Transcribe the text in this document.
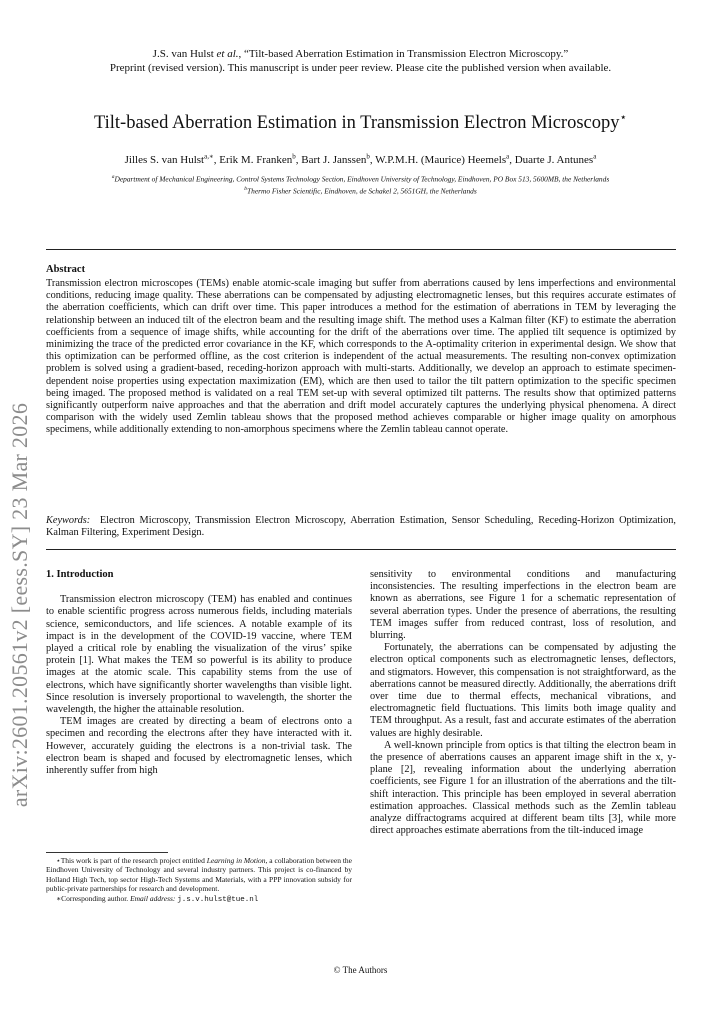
J.S. van Hulst et al., “Tilt-based Aberration Estimation in Transmission Electron Microscopy.”
Preprint (revised version). This manuscript is under peer review. Please cite the published version when available.
Tilt-based Aberration Estimation in Transmission Electron Microscopy⋆
Jilles S. van Hulst$^{a,∗}$, Erik M. Franken$^b$, Bart J. Janssen$^b$, W.P.M.H. (Maurice) Heemels$^a$, Duarte J. Antunes$^a$
$^a$Department of Mechanical Engineering, Control Systems Technology Section, Eindhoven University of Technology, Eindhoven, PO Box 513, 5600MB, the Netherlands
$^b$Thermo Fisher Scientific, Eindhoven, de Schakel 2, 5651GH, the Netherlands
Abstract
Transmission electron microscopes (TEMs) enable atomic-scale imaging but suffer from aberrations caused by lens imperfections and environmental conditions, reducing image quality. These aberrations can be compensated by adjusting electromagnetic lenses, but this requires accurate estimates of the aberration coefficients, which can drift over time. This paper introduces a method for the estimation of aberrations in TEM by leveraging the relationship between an induced tilt of the electron beam and the resulting image shift. The method uses a Kalman filter (KF) to estimate the aberration coefficients from a sequence of image shifts, while accounting for the drift of the aberrations over time. The applied tilt sequence is optimized by minimizing the trace of the predicted error covariance in the KF, which corresponds to the A-optimality criterion in experimental design. We show that this optimization can be performed offline, as the cost criterion is independent of the actual measurements. The resulting non-convex optimization problem is solved using a gradient-based, receding-horizon approach with multi-starts. Additionally, we develop an approach to estimate specimen-dependent noise properties using expectation maximization (EM), which are then used to tailor the tilt pattern optimization to the specific specimen being imaged. The proposed method is validated on a real TEM set-up with several optimized tilt patterns. The results show that optimized patterns significantly outperform naive approaches and that the aberration and drift model accurately captures the underlying physical phenomena. A direct comparison with the widely used Zemlin tableau shows that the proposed method achieves comparable or higher image quality on amorphous specimens, while additionally extending to non-amorphous specimens where the Zemlin tableau cannot operate.
Keywords: Electron Microscopy, Transmission Electron Microscopy, Aberration Estimation, Sensor Scheduling, Receding-Horizon Optimization, Kalman Filtering, Experiment Design.
arXiv:2601.20561v2 [eess.SY] 23 Mar 2026 1. Introduction

Transmission electron microscopy (TEM) has enabled and continues to enable scientific progress across numerous fields, including materials science, semiconductors, and life sciences. A notable example of its impact is in the development of the COVID-19 vaccine, where TEM played a critical role by enabling the visualization of the virus’ spike protein [1]. What makes the TEM so powerful is its ability to produce images at the atomic scale. This capability stems from the use of electrons, which have significantly shorter wavelengths than visible light. Since resolution is inversely proportional to wavelength, the shorter the wavelength, the higher the attainable resolution.

TEM images are created by directing a beam of electrons onto a specimen and recording the electrons after they have interacted with it. However, accurately guiding the electrons is a non-trivial task. The electron beam is shaped and focused by electromagnetic lenses, which inherently suffer from high

sensitivity to environmental conditions and manufacturing inconsistencies. The resulting imperfections in the electron beam are known as aberrations, see Figure 1 for a schematic representation of several aberration types. Under the presence of aberrations, the resulting TEM images suffer from reduced contrast, loss of resolution, and blurring.

Fortunately, the aberrations can be compensated by adjusting the electron optical components such as electromagnetic lenses, deflectors, and stigmators. However, this compensation is not straightforward, as the aberrations cannot be measured directly. Additionally, the aberrations drift over time due to thermal effects, mechanical vibrations, and electromagnetic field fluctuations. This limits both image quality and TEM throughput. As a result, fast and accurate estimates of the aberration values are highly desirable.

A well-known principle from optics is that tilting the electron beam in the presence of aberrations causes an apparent image shift in the x, y-plane [2], revealing information about the underlying aberration coefficients, see Figure 1 for an illustration of the aberrations and the tilt-shift interaction. This principle has been employed in several aberration estimation approaches. Classical methods such as the Zemlin tableau analyze diffractograms acquired at different beam tilts [3], while more direct approaches estimate aberrations from the tilt-induced image

⋆This work is part of the research project entitled Learning in Motion, a collaboration between the Eindhoven University of Technology and several industry partners. This project is co-financed by Holland High Tech, top sector High-Tech Systems and Materials, with a PPP innovation subsidy for public-private partnerships for research and development.

∗Corresponding author. Email address: j.s.v.hulst@tue.nl

© The Authors
